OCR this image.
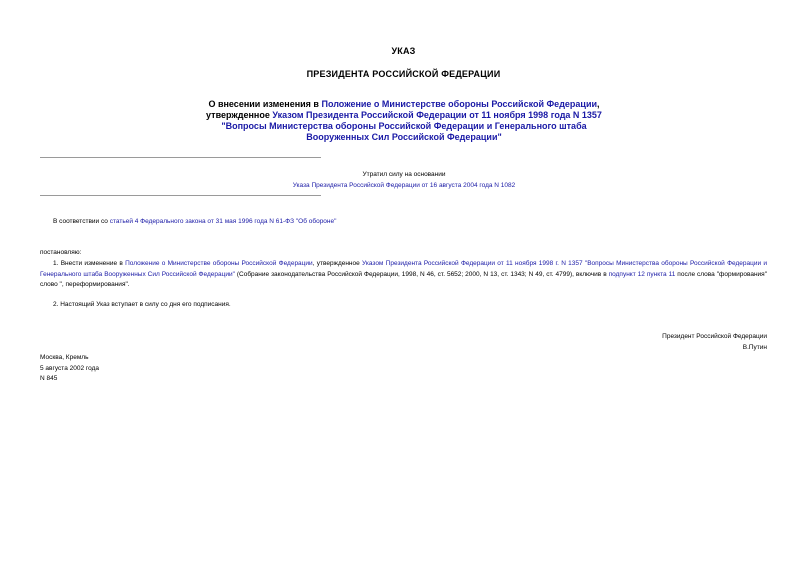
УКАЗ
ПРЕЗИДЕНТА РОССИЙСКОЙ ФЕДЕРАЦИИ
О внесении изменения в Положение о Министерстве обороны Российской Федерации, утвержденное Указом Президента Российской Федерации от 11 ноября 1998 года N 1357 "Вопросы Министерства обороны Российской Федерации и Генерального штаба Вооруженных Сил Российской Федерации"
Утратил силу на основании
Указа Президента Российской Федерации от 16 августа 2004 года N 1082
В соответствии со статьей 4 Федерального закона от 31 мая 1996 года N 61-ФЗ "Об обороне"
постановляю:
1. Внести изменение в Положение о Министерстве обороны Российской Федерации, утвержденное Указом Президента Российской Федерации от 11 ноября 1998 г. N 1357 "Вопросы Министерства обороны Российской Федерации и Генерального штаба Вооруженных Сил Российской Федерации" (Собрание законодательства Российской Федерации, 1998, N 46, ст. 5652; 2000, N 13, ст. 1343; N 49, ст. 4799), включив в подпункт 12 пункта 11 после слова "формирования" слово ", переформирования".
2. Настоящий Указ вступает в силу со дня его подписания.
Президент Российской Федерации
В.Путин
Москва, Кремль
5 августа 2002 года
N 845
